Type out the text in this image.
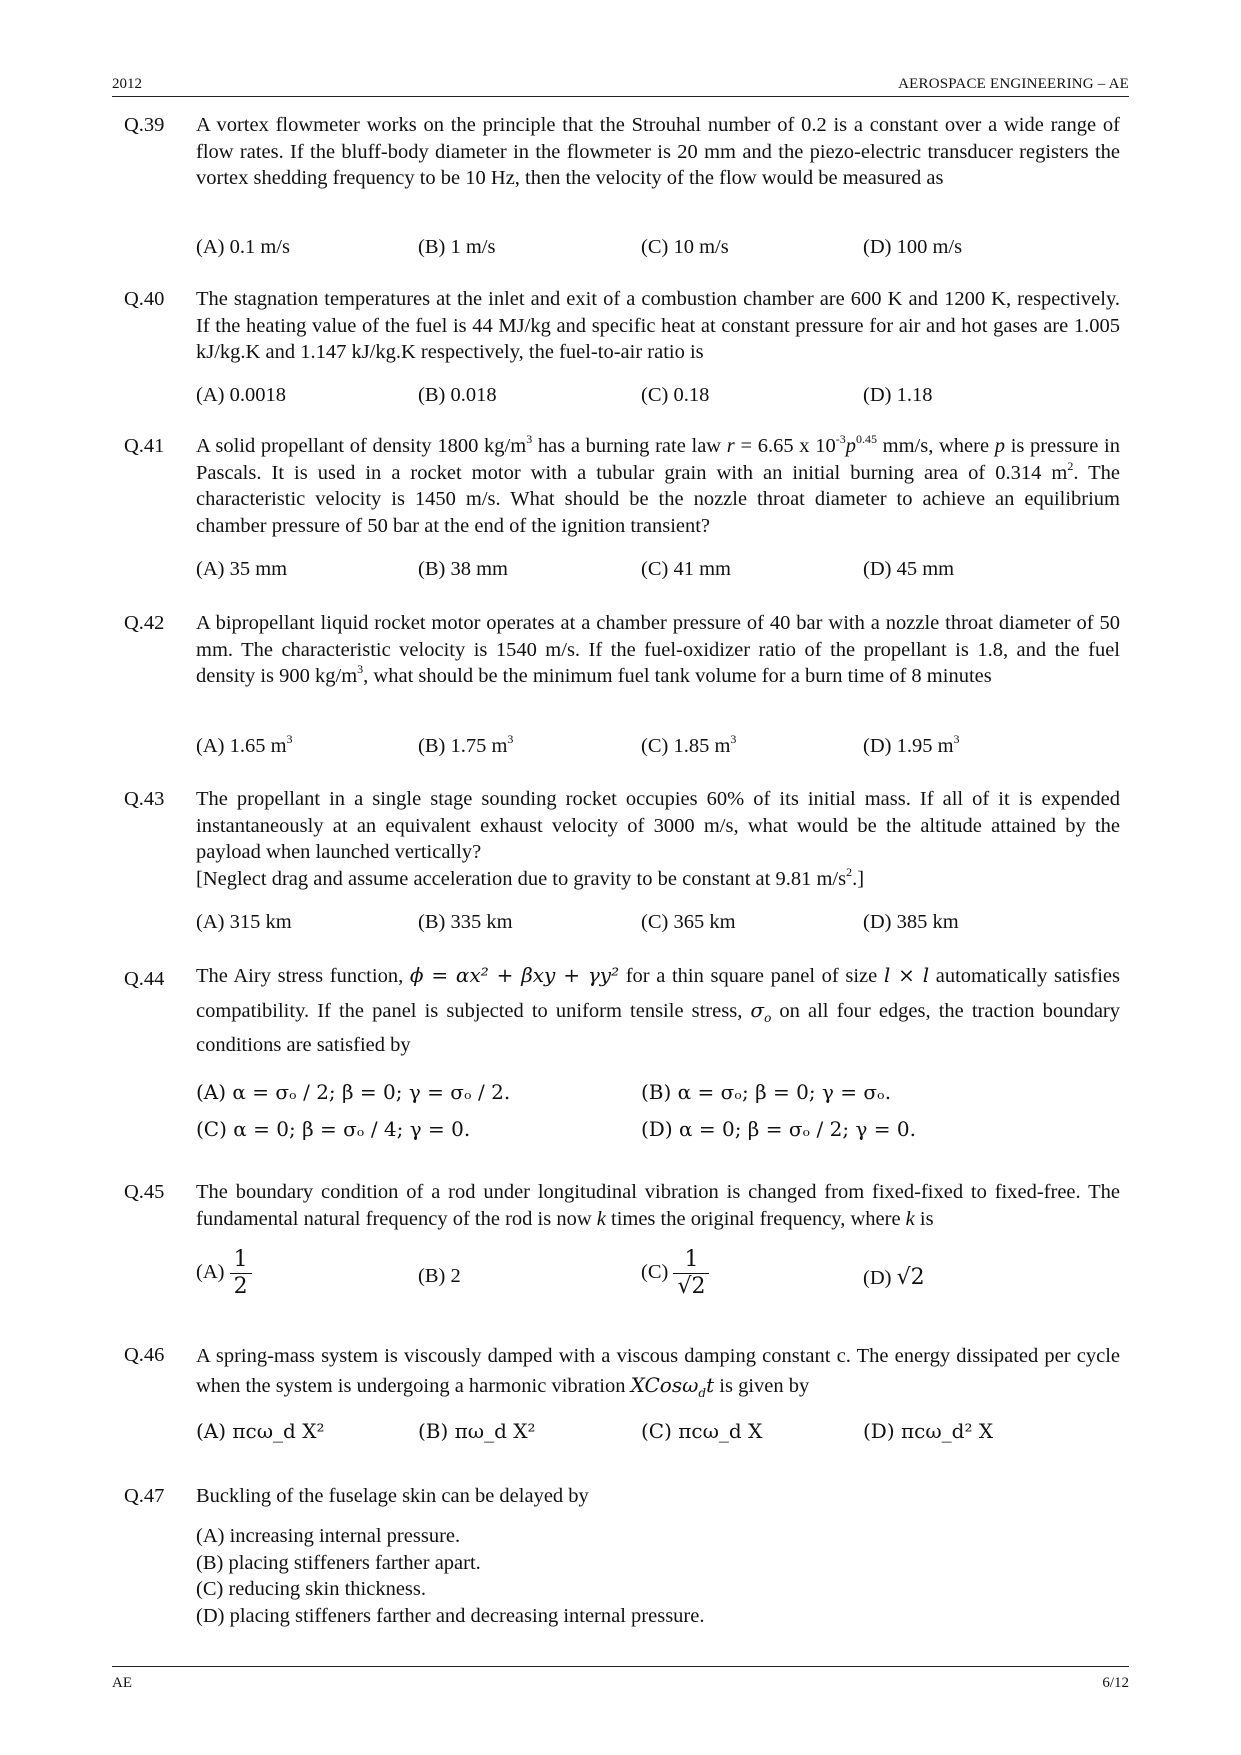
2012	AEROSPACE ENGINEERING – AE
Q.39	A vortex flowmeter works on the principle that the Strouhal number of 0.2 is a constant over a wide range of flow rates. If the bluff-body diameter in the flowmeter is 20 mm and the piezo-electric transducer registers the vortex shedding frequency to be 10 Hz, then the velocity of the flow would be measured as
(A) 0.1 m/s	(B) 1 m/s	(C) 10 m/s	(D) 100 m/s
Q.40	The stagnation temperatures at the inlet and exit of a combustion chamber are 600 K and 1200 K, respectively. If the heating value of the fuel is 44 MJ/kg and specific heat at constant pressure for air and hot gases are 1.005 kJ/kg.K and 1.147 kJ/kg.K respectively, the fuel-to-air ratio is
(A) 0.0018	(B) 0.018	(C) 0.18	(D) 1.18
Q.41	A solid propellant of density 1800 $kg/m^3$ has a burning rate law r = 6.65 x $10^{-3}p^{0.45}$ mm/s, where p is pressure in Pascals. It is used in a rocket motor with a tubular grain with an initial burning area of 0.314 $m^2$. The characteristic velocity is 1450 m/s. What should be the nozzle throat diameter to achieve an equilibrium chamber pressure of 50 bar at the end of the ignition transient?
(A) 35 mm	(B) 38 mm	(C) 41 mm	(D) 45 mm
Q.42	A bipropellant liquid rocket motor operates at a chamber pressure of 40 bar with a nozzle throat diameter of 50 mm. The characteristic velocity is 1540 m/s. If the fuel-oxidizer ratio of the propellant is 1.8, and the fuel density is 900 $kg/m^3$, what should be the minimum fuel tank volume for a burn time of 8 minutes
(A) 1.65 $m^3$	(B) 1.75 $m^3$	(C) 1.85 $m^3$	(D) 1.95 $m^3$
Q.43	The propellant in a single stage sounding rocket occupies 60% of its initial mass. If all of it is expended instantaneously at an equivalent exhaust velocity of 3000 m/s, what would be the altitude attained by the payload when launched vertically?
[Neglect drag and assume acceleration due to gravity to be constant at 9.81 $m/s^2$.]
(A) 315 km	(B) 335 km	(C) 365 km	(D) 385 km
Q.44	The Airy stress function, ϕ = αx² + βxy + γy² for a thin square panel of size l × l automatically satisfies compatibility. If the panel is subjected to uniform tensile stress, $\sigma_o$ on all four edges, the traction boundary conditions are satisfied by
(A) α = σₒ / 2; β = 0; γ = σₒ / 2.	(B) α = σₒ; β = 0; γ = σₒ.
(C) α = 0; β = σₒ / 4; γ = 0.	(D) α = 0; β = σₒ / 2; γ = 0.
Q.45	The boundary condition of a rod under longitudinal vibration is changed from fixed-fixed to fixed-free. The fundamental natural frequency of the rod is now k times the original frequency, where k is
$(A) \frac{1}{2}$	(B) 2	$(C) \frac{1}{√2}$	(D) √2
Q.46	A spring-mass system is viscously damped with a viscous damping constant c. The energy dissipated per cycle when the system is undergoing a harmonic vibration XCosω$_d$t is given by
(A) πcω_d X²	(B) πω_d X²	(C) πcω_d X	(D) πcω_d² X
Q.47	Buckling of the fuselage skin can be delayed by
(A) increasing internal pressure.
(B) placing stiffeners farther apart.
(C) reducing skin thickness.
(D) placing stiffeners farther and decreasing internal pressure.
AE	6/12
